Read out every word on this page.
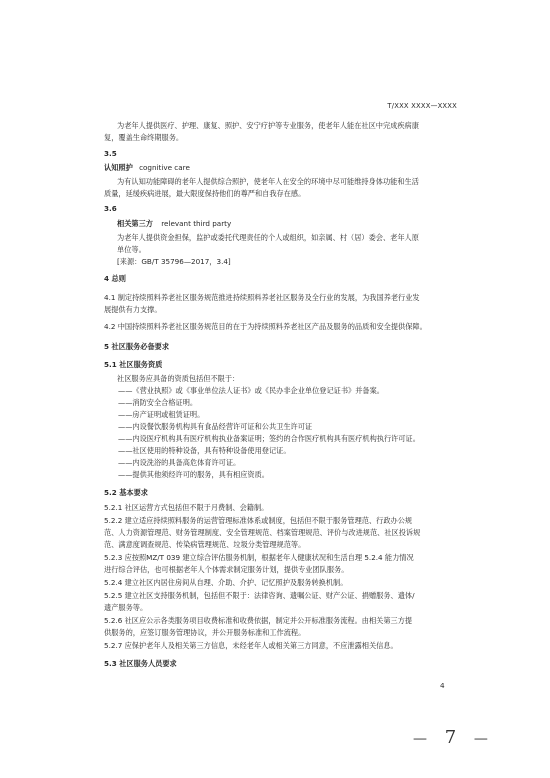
T/XXX XXXX—XXXX
为老年人提供医疗、护理、康复、照护、安宁疗护等专业服务，使老年人能在社区中完成疾病康
复，覆盖生命终期服务。
3.5
认知照护 cognitive care
为有认知功能障碍的老年人提供综合照护，使老年人在安全的环境中尽可能维持身体功能和生活
质量，延缓疾病进展，最大限度保持他们的尊严和自我存在感。
3.6
相关第三方 relevant third party
为老年人提供资金担保，监护或委托代理责任的个人或组织，如亲属、村（居）委会、老年人原
单位等。
[来源：GB/T 35796—2017，3.4]
4 总则
4.1 制定持续照料养老社区服务规范推进持续照料养老社区服务及全行业的发展，为我国养老行业发
展提供有力支撑。
4.2 中国持续照料养老社区服务规范目的在于为持续照料养老社区产品及服务的品质和安全提供保障。
5 社区服务必备要求
5.1 社区服务资质
社区服务应具备的资质包括但不限于：
——《营业执照》或《事业单位法人证书》或《民办非企业单位登记证书》并备案。
——消防安全合格证明。
——房产证明或租赁证明。
——内设餐饮服务机构具有食品经营许可证和公共卫生许可证
——内设医疗机构具有医疗机构执业备案证明；签约的合作医疗机构具有医疗机构执行许可证。
——社区使用的特种设备，具有特种设备使用登记证。
——内设洗浴的具备高危体育许可证。
——提供其他须经许可的服务，具有相应资质。
5.2 基本要求
5.2.1 社区运营方式包括但不限于月费制、会籍制。
5.2.2 建立适应持续照料服务的运营管理标准体系或制度，包括但不限于服务管理范、行政办公规
范、人力资源管理范、财务管理制度、安全管理规范、档案管理规范、评价与改进规范、社区投诉规
范、满意度调查规范、传染病管理规范、垃圾分类管理规范等。
5.2.3 应按照MZ/T 039 建立综合评估服务机制，根据老年人健康状况和生活自理 5.2.4 能力情况
进行综合评估，也可根据老年人个体需求制定服务计划，提供专业团队服务。
5.2.4 建立社区内居住房间从自理、介助、介护、记忆照护及服务转换机制。
5.2.5 建立社区支持服务机制，包括但不限于：法律咨询、遗嘱公证、财产公证、捐赠服务、遗体/
遗产服务等。
5.2.6 社区应公示各类服务项目收费标准和收费依据，制定并公开标准服务流程。由相关第三方提
供服务的，应签订服务管理协议，并公开服务标准和工作流程。
5.2.7 应保护老年人及相关第三方信息，未经老年人或相关第三方同意，不应泄露相关信息。
5.3 社区服务人员要求
4
— 7 —
